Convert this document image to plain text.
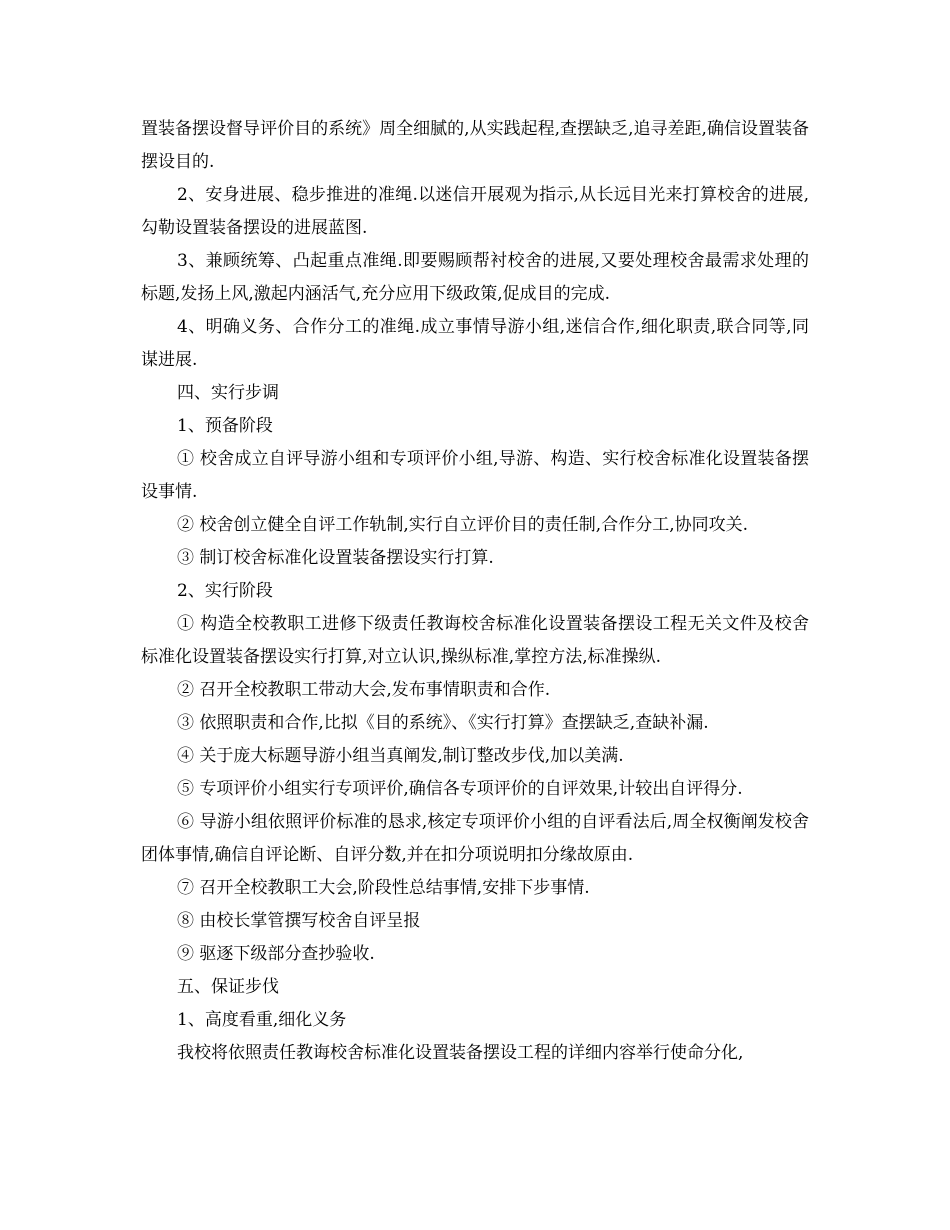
置装备摆设督导评价目的系统》周全细腻的,从实践起程,查摆缺乏,追寻差距,确信设置装备摆设目的.

2、安身进展、稳步推进的准绳.以迷信开展观为指示,从长远目光来打算校舍的进展,勾勒设置装备摆设的进展蓝图.

3、兼顾统筹、凸起重点准绳.即要赐顾帮衬校舍的进展,又要处理校舍最需求处理的标题,发扬上风,激起内涵活气,充分应用下级政策,促成目的完成.

4、明确义务、合作分工的准绳.成立事情导游小组,迷信合作,细化职责,联合同等,同谋进展.

四、实行步调

1、预备阶段

① 校舍成立自评导游小组和专项评价小组,导游、构造、实行校舍标准化设置装备摆设事情.

② 校舍创立健全自评工作轨制,实行自立评价目的责任制,合作分工,协同攻关.

③ 制订校舍标准化设置装备摆设实行打算.

2、实行阶段

① 构造全校教职工进修下级责任教诲校舍标准化设置装备摆设工程无关文件及校舍标准化设置装备摆设实行打算,对立认识,操纵标准,掌控方法,标准操纵.

② 召开全校教职工带动大会,发布事情职责和合作.

③ 依照职责和合作,比拟《目的系统》、《实行打算》查摆缺乏,查缺补漏.

④ 关于庞大标题导游小组当真阐发,制订整改步伐,加以美满.

⑤ 专项评价小组实行专项评价,确信各专项评价的自评效果,计较出自评得分.

⑥ 导游小组依照评价标准的恳求,核定专项评价小组的自评看法后,周全权衡阐发校舍团体事情,确信自评论断、自评分数,并在扣分项说明扣分缘故原由.

⑦ 召开全校教职工大会,阶段性总结事情,安排下步事情.

⑧ 由校长掌管撰写校舍自评呈报

⑨ 驱逐下级部分查抄验收.

五、保证步伐

1、高度看重,细化义务

我校将依照责任教诲校舍标准化设置装备摆设工程的详细内容举行使命分化,
